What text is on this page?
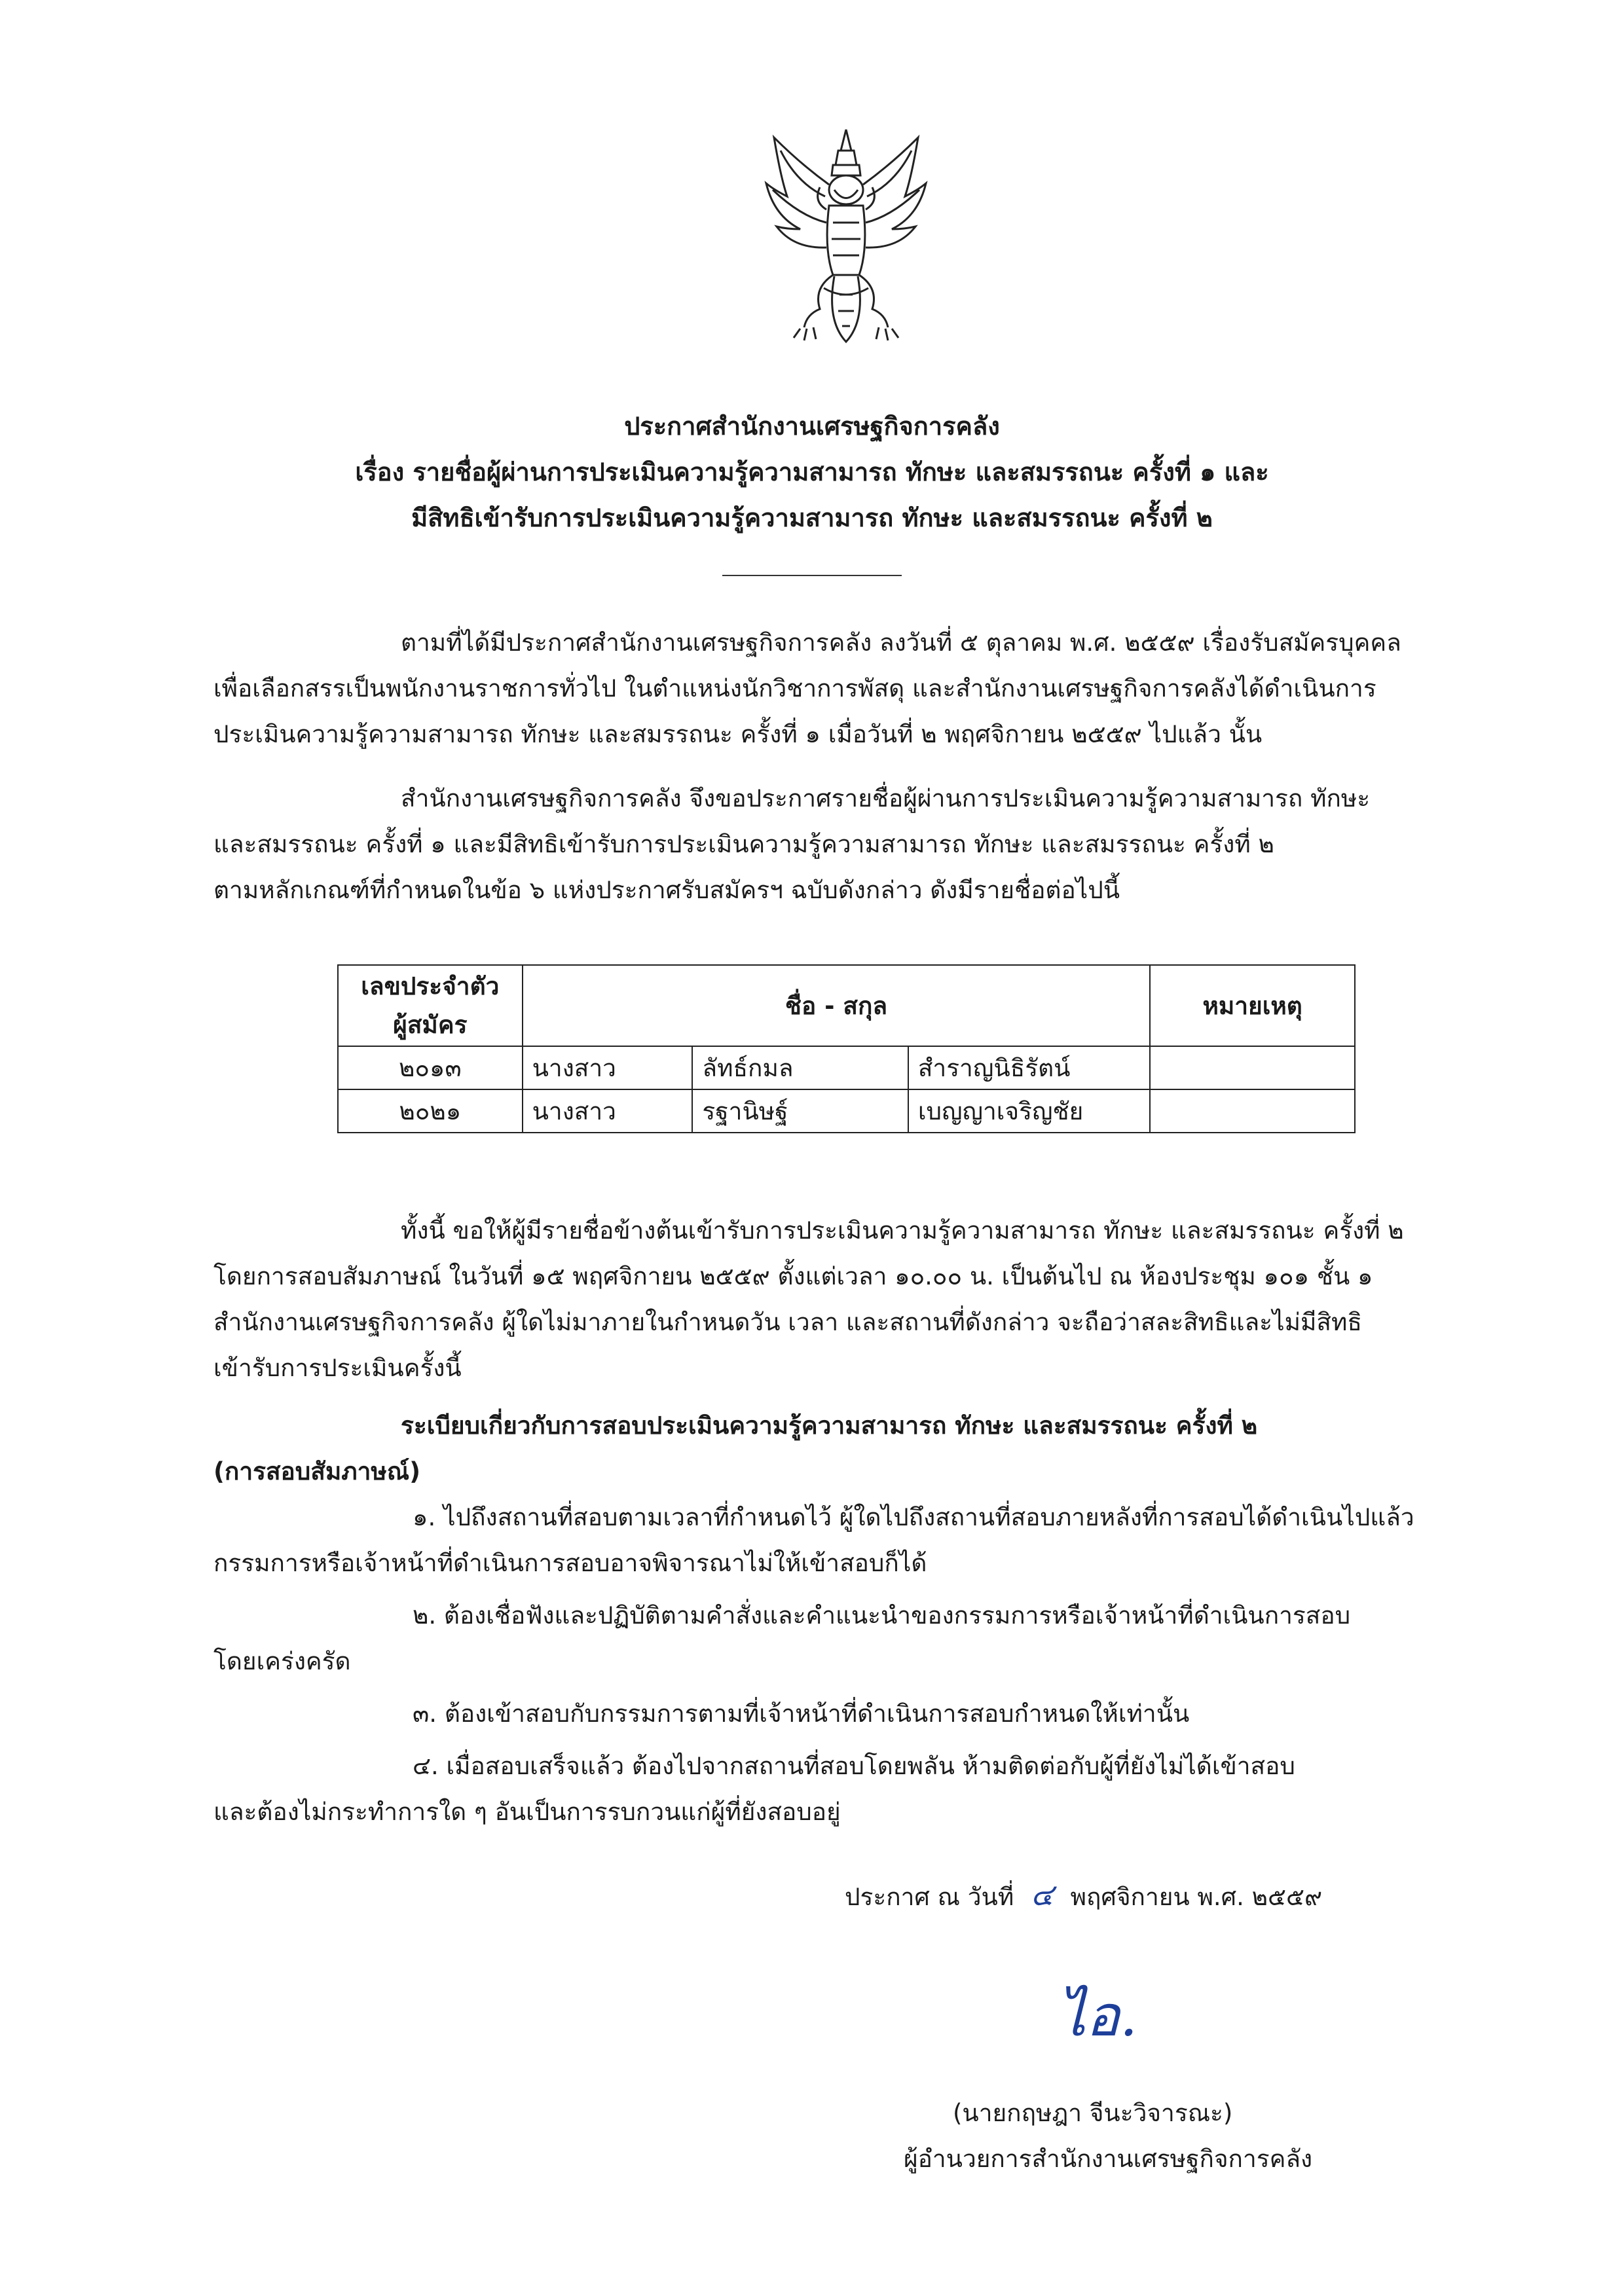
ประกาศสำนักงานเศรษฐกิจการคลัง
เรื่อง รายชื่อผู้ผ่านการประเมินความรู้ความสามารถ ทักษะ และสมรรถนะ ครั้งที่ ๑ และ
มีสิทธิเข้ารับการประเมินความรู้ความสามารถ ทักษะ และสมรรถนะ ครั้งที่ ๒
ตามที่ได้มีประกาศสำนักงานเศรษฐกิจการคลัง ลงวันที่ ๕ ตุลาคม พ.ศ. ๒๕๕๙ เรื่องรับสมัครบุคคล
เพื่อเลือกสรรเป็นพนักงานราชการทั่วไป ในตำแหน่งนักวิชาการพัสดุ และสำนักงานเศรษฐกิจการคลังได้ดำเนินการ
ประเมินความรู้ความสามารถ ทักษะ และสมรรถนะ ครั้งที่ ๑ เมื่อวันที่ ๒ พฤศจิกายน ๒๕๕๙ ไปแล้ว นั้น
สำนักงานเศรษฐกิจการคลัง จึงขอประกาศรายชื่อผู้ผ่านการประเมินความรู้ความสามารถ ทักษะ
และสมรรถนะ ครั้งที่ ๑ และมีสิทธิเข้ารับการประเมินความรู้ความสามารถ ทักษะ และสมรรถนะ ครั้งที่ ๒
ตามหลักเกณฑ์ที่กำหนดในข้อ ๖ แห่งประกาศรับสมัครฯ ฉบับดังกล่าว ดังมีรายชื่อต่อไปนี้
เลขประจำตัว
ผู้สมัคร	ชื่อ - สกุล			หมายเหตุ
๒๐๑๓	นางสาว	ลัทธ์กมล	สำราญนิธิรัตน์	
๒๐๒๑	นางสาว	รฐานิษฐ์	เบญญาเจริญชัย	
ทั้งนี้ ขอให้ผู้มีรายชื่อข้างต้นเข้ารับการประเมินความรู้ความสามารถ ทักษะ และสมรรถนะ ครั้งที่ ๒
โดยการสอบสัมภาษณ์ ในวันที่ ๑๕ พฤศจิกายน ๒๕๕๙ ตั้งแต่เวลา ๑๐.๐๐ น. เป็นต้นไป ณ ห้องประชุม ๑๐๑ ชั้น ๑
สำนักงานเศรษฐกิจการคลัง ผู้ใดไม่มาภายในกำหนดวัน เวลา และสถานที่ดังกล่าว จะถือว่าสละสิทธิและไม่มีสิทธิ
เข้ารับการประเมินครั้งนี้
ระเบียบเกี่ยวกับการสอบประเมินความรู้ความสามารถ ทักษะ และสมรรถนะ ครั้งที่ ๒
(การสอบสัมภาษณ์)
๑. ไปถึงสถานที่สอบตามเวลาที่กำหนดไว้ ผู้ใดไปถึงสถานที่สอบภายหลังที่การสอบได้ดำเนินไปแล้ว
กรรมการหรือเจ้าหน้าที่ดำเนินการสอบอาจพิจารณาไม่ให้เข้าสอบก็ได้
๒. ต้องเชื่อฟังและปฏิบัติตามคำสั่งและคำแนะนำของกรรมการหรือเจ้าหน้าที่ดำเนินการสอบ
โดยเคร่งครัด
๓. ต้องเข้าสอบกับกรรมการตามที่เจ้าหน้าที่ดำเนินการสอบกำหนดให้เท่านั้น
๔. เมื่อสอบเสร็จแล้ว ต้องไปจากสถานที่สอบโดยพลัน ห้ามติดต่อกับผู้ที่ยังไม่ได้เข้าสอบ
และต้องไม่กระทำการใด ๆ อันเป็นการรบกวนแก่ผู้ที่ยังสอบอยู่
ประกาศ ณ วันที่ ๔ พฤศจิกายน พ.ศ. ๒๕๕๙
ไอ.
(นายกฤษฎา จีนะวิจารณะ)
ผู้อำนวยการสำนักงานเศรษฐกิจการคลัง
